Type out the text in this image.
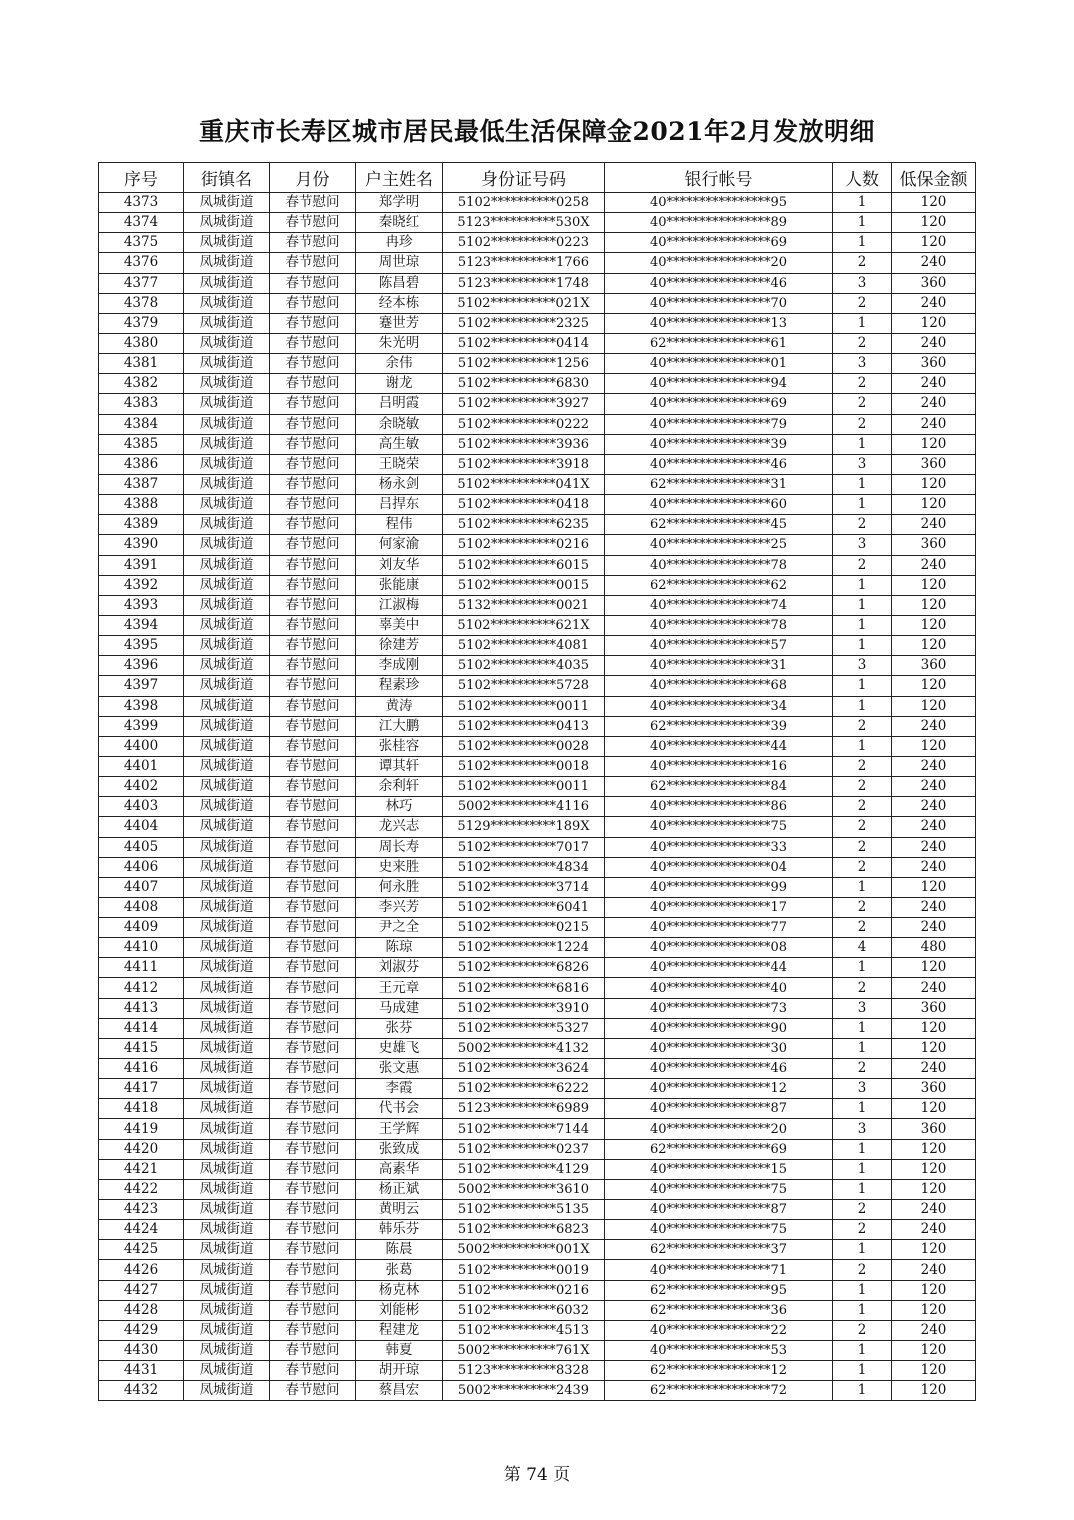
重庆市长寿区城市居民最低生活保障金2021年2月发放明细
序号	街镇名	月份	户主姓名	身份证号码	银行帐号	人数	低保金额
4373	凤城街道	春节慰问	郑学明	5102**********0258	40****************95	1	120
4374	凤城街道	春节慰问	秦晓红	5123**********530X	40****************89	1	120
4375	凤城街道	春节慰问	冉珍	5102**********0223	40****************69	1	120
4376	凤城街道	春节慰问	周世琼	5123**********1766	40****************20	2	240
4377	凤城街道	春节慰问	陈昌碧	5123**********1748	40****************46	3	360
4378	凤城街道	春节慰问	经本栋	5102**********021X	40****************70	2	240
4379	凤城街道	春节慰问	蹇世芳	5102**********2325	40****************13	1	120
4380	凤城街道	春节慰问	朱光明	5102**********0414	62****************61	2	240
4381	凤城街道	春节慰问	余伟	5102**********1256	40****************01	3	360
4382	凤城街道	春节慰问	谢龙	5102**********6830	40****************94	2	240
4383	凤城街道	春节慰问	吕明霞	5102**********3927	40****************69	2	240
4384	凤城街道	春节慰问	余晓敏	5102**********0222	40****************79	2	240
4385	凤城街道	春节慰问	高生敏	5102**********3936	40****************39	1	120
4386	凤城街道	春节慰问	王晓荣	5102**********3918	40****************46	3	360
4387	凤城街道	春节慰问	杨永剑	5102**********041X	62****************31	1	120
4388	凤城街道	春节慰问	吕捍东	5102**********0418	40****************60	1	120
4389	凤城街道	春节慰问	程伟	5102**********6235	62****************45	2	240
4390	凤城街道	春节慰问	何家渝	5102**********0216	40****************25	3	360
4391	凤城街道	春节慰问	刘友华	5102**********6015	40****************78	2	240
4392	凤城街道	春节慰问	张能康	5102**********0015	62****************62	1	120
4393	凤城街道	春节慰问	江淑梅	5132**********0021	40****************74	1	120
4394	凤城街道	春节慰问	辜美中	5102**********621X	40****************78	1	120
4395	凤城街道	春节慰问	徐建芳	5102**********4081	40****************57	1	120
4396	凤城街道	春节慰问	李成刚	5102**********4035	40****************31	3	360
4397	凤城街道	春节慰问	程素珍	5102**********5728	40****************68	1	120
4398	凤城街道	春节慰问	黄涛	5102**********0011	40****************34	1	120
4399	凤城街道	春节慰问	江大鹏	5102**********0413	62****************39	2	240
4400	凤城街道	春节慰问	张桂容	5102**********0028	40****************44	1	120
4401	凤城街道	春节慰问	谭其轩	5102**********0018	40****************16	2	240
4402	凤城街道	春节慰问	余利轩	5102**********0011	62****************84	2	240
4403	凤城街道	春节慰问	林巧	5002**********4116	40****************86	2	240
4404	凤城街道	春节慰问	龙兴志	5129**********189X	40****************75	2	240
4405	凤城街道	春节慰问	周长寿	5102**********7017	40****************33	2	240
4406	凤城街道	春节慰问	史来胜	5102**********4834	40****************04	2	240
4407	凤城街道	春节慰问	何永胜	5102**********3714	40****************99	1	120
4408	凤城街道	春节慰问	李兴芳	5102**********6041	40****************17	2	240
4409	凤城街道	春节慰问	尹之全	5102**********0215	40****************77	2	240
4410	凤城街道	春节慰问	陈琼	5102**********1224	40****************08	4	480
4411	凤城街道	春节慰问	刘淑芬	5102**********6826	40****************44	1	120
4412	凤城街道	春节慰问	王元章	5102**********6816	40****************40	2	240
4413	凤城街道	春节慰问	马成建	5102**********3910	40****************73	3	360
4414	凤城街道	春节慰问	张芬	5102**********5327	40****************90	1	120
4415	凤城街道	春节慰问	史雄飞	5002**********4132	40****************30	1	120
4416	凤城街道	春节慰问	张文惠	5102**********3624	40****************46	2	240
4417	凤城街道	春节慰问	李霞	5102**********6222	40****************12	3	360
4418	凤城街道	春节慰问	代书会	5123**********6989	40****************87	1	120
4419	凤城街道	春节慰问	王学辉	5102**********7144	40****************20	3	360
4420	凤城街道	春节慰问	张致成	5102**********0237	62****************69	1	120
4421	凤城街道	春节慰问	高素华	5102**********4129	40****************15	1	120
4422	凤城街道	春节慰问	杨正斌	5002**********3610	40****************75	1	120
4423	凤城街道	春节慰问	黄明云	5102**********5135	40****************87	2	240
4424	凤城街道	春节慰问	韩乐芬	5102**********6823	40****************75	2	240
4425	凤城街道	春节慰问	陈晨	5002**********001X	62****************37	1	120
4426	凤城街道	春节慰问	张葛	5102**********0019	40****************71	2	240
4427	凤城街道	春节慰问	杨克林	5102**********0216	62****************95	1	120
4428	凤城街道	春节慰问	刘能彬	5102**********6032	62****************36	1	120
4429	凤城街道	春节慰问	程建龙	5102**********4513	40****************22	2	240
4430	凤城街道	春节慰问	韩夏	5002**********761X	40****************53	1	120
4431	凤城街道	春节慰问	胡开琼	5123**********8328	62****************12	1	120
4432	凤城街道	春节慰问	蔡昌宏	5002**********2439	62****************72	1	120
第 74 页
